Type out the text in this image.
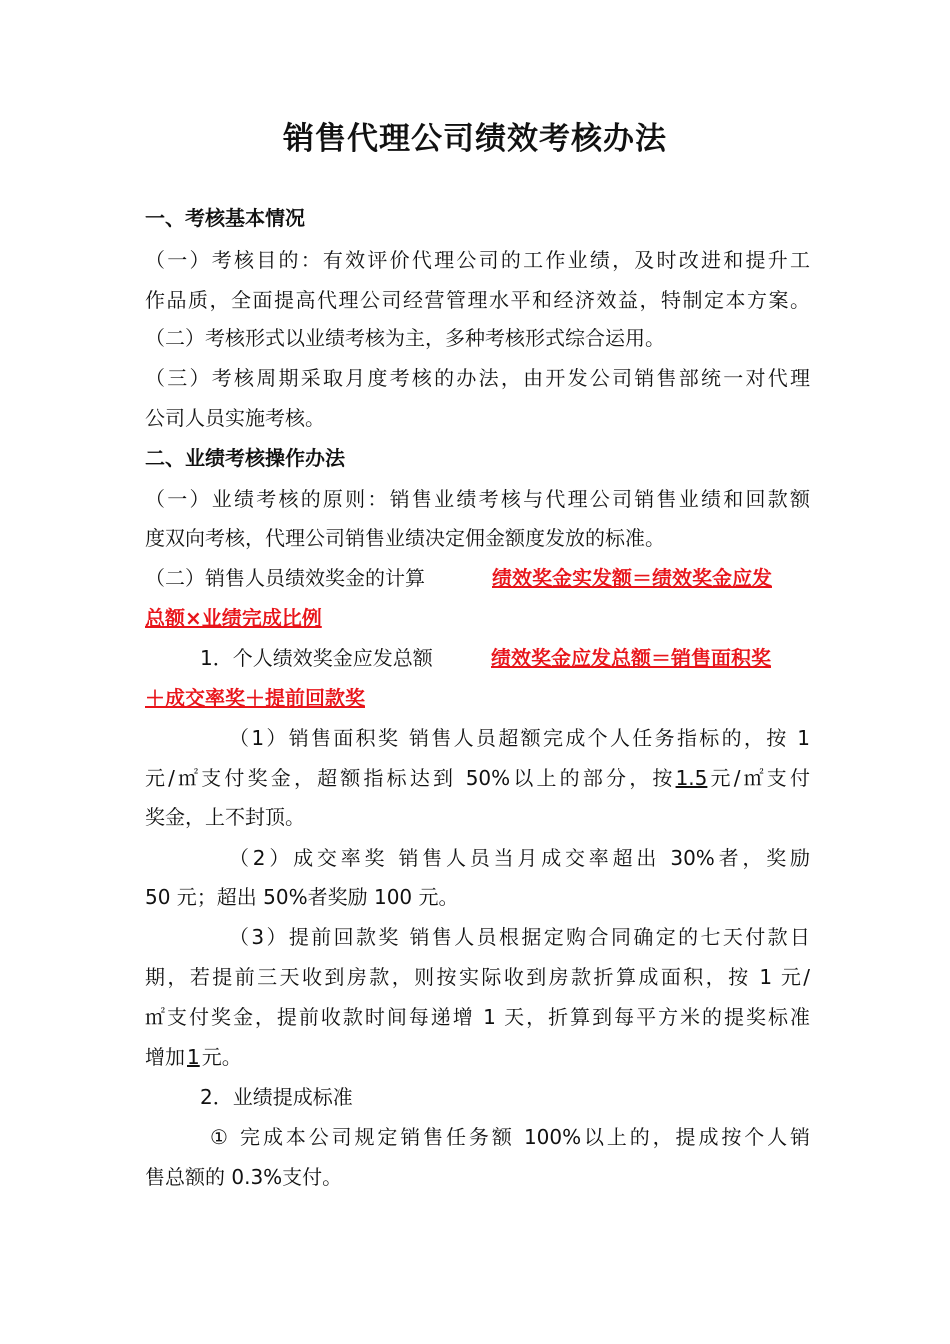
销售代理公司绩效考核办法
一、考核基本情况
（一）考核目的：有效评价代理公司的工作业绩，及时改进和提升工
作品质，全面提高代理公司经营管理水平和经济效益，特制定本方案。
（二）考核形式以业绩考核为主，多种考核形式综合运用。
（三）考核周期采取月度考核的办法，由开发公司销售部统一对代理
公司人员实施考核。
二、业绩考核操作办法
（一）业绩考核的原则：销售业绩考核与代理公司销售业绩和回款额
度双向考核，代理公司销售业绩决定佣金额度发放的标准。
（二）销售人员绩效奖金的计算	绩效奖金实发额＝绩效奖金应发
总额×业绩完成比例
1．个人绩效奖金应发总额	绩效奖金应发总额＝销售面积奖
＋成交率奖＋提前回款奖
（1）销售面积奖 销售人员超额完成个人任务指标的，按 1
元/㎡支付奖金，超额指标达到 50%以上的部分，按1.5元/㎡支付
奖金，上不封顶。
（2）成交率奖 销售人员当月成交率超出 30%者，奖励
50 元；超出 50%者奖励 100 元。
（3）提前回款奖 销售人员根据定购合同确定的七天付款日
期，若提前三天收到房款，则按实际收到房款折算成面积，按 1 元/
㎡支付奖金，提前收款时间每递增 1 天，折算到每平方米的提奖标准
增加 1 元。
2．业绩提成标准
① 完成本公司规定销售任务额 100%以上的，提成按个人销
售总额的 0.3%支付。
